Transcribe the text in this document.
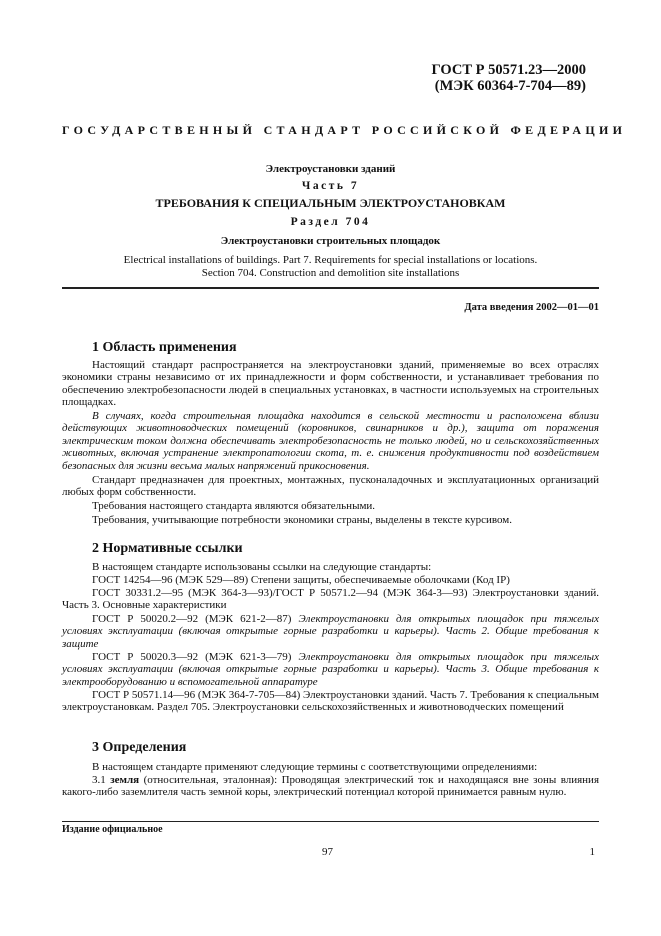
ГОСТ Р 50571.23—2000
(МЭК 60364-7-704—89)
ГОСУДАРСТВЕННЫЙ СТАНДАРТ РОССИЙСКОЙ ФЕДЕРАЦИИ
Электроустановки зданий
Часть 7
ТРЕБОВАНИЯ К СПЕЦИАЛЬНЫМ ЭЛЕКТРОУСТАНОВКАМ
Раздел 704
Электроустановки строительных площадок
Electrical installations of buildings. Part 7. Requirements for special installations or locations.
Section 704. Construction and demolition site installations
Дата введения 2002—01—01
1 Область применения
Настоящий стандарт распространяется на электроустановки зданий, применяемые во всех отраслях экономики страны независимо от их принадлежности и форм собственности, и устанавливает требования по обеспечению электробезопасности людей в специальных установках, в частности используемых на строительных площадках.
В случаях, когда строительная площадка находится в сельской местности и расположена вблизи действующих животноводческих помещений (коровников, свинарников и др.), защита от поражения электрическим током должна обеспечивать электробезопасность не только людей, но и сельскохозяйственных животных, включая устранение электропатологии скота, т. е. снижения продуктивности под воздействием безопасных для жизни весьма малых напряжений прикосновения.
Стандарт предназначен для проектных, монтажных, пусконаладочных и эксплуатационных организаций любых форм собственности.
Требования настоящего стандарта являются обязательными.
Требования, учитывающие потребности экономики страны, выделены в тексте курсивом.
2 Нормативные ссылки
В настоящем стандарте использованы ссылки на следующие стандарты:
ГОСТ 14254—96 (МЭК 529—89) Степени защиты, обеспечиваемые оболочками (Код IP)
ГОСТ 30331.2—95 (МЭК 364-3—93)/ГОСТ Р 50571.2—94 (МЭК 364-3—93) Электроустановки зданий. Часть 3. Основные характеристики
ГОСТ Р 50020.2—92 (МЭК 621-2—87) Электроустановки для открытых площадок при тяжелых условиях эксплуатации (включая открытые горные разработки и карьеры). Часть 2. Общие требования к защите
ГОСТ Р 50020.3—92 (МЭК 621-3—79) Электроустановки для открытых площадок при тяжелых условиях эксплуатации (включая открытые горные разработки и карьеры). Часть 3. Общие требования к электрооборудованию и вспомогательной аппаратуре
ГОСТ Р 50571.14—96 (МЭК 364-7-705—84) Электроустановки зданий. Часть 7. Требования к специальным электроустановкам. Раздел 705. Электроустановки сельскохозяйственных и животноводческих помещений
3 Определения
В настоящем стандарте применяют следующие термины с соответствующими определениями:
3.1 земля (относительная, эталонная): Проводящая электрический ток и находящаяся вне зоны влияния какого-либо заземлителя часть земной коры, электрический потенциал которой принимается равным нулю.
Издание официальное
97	1
